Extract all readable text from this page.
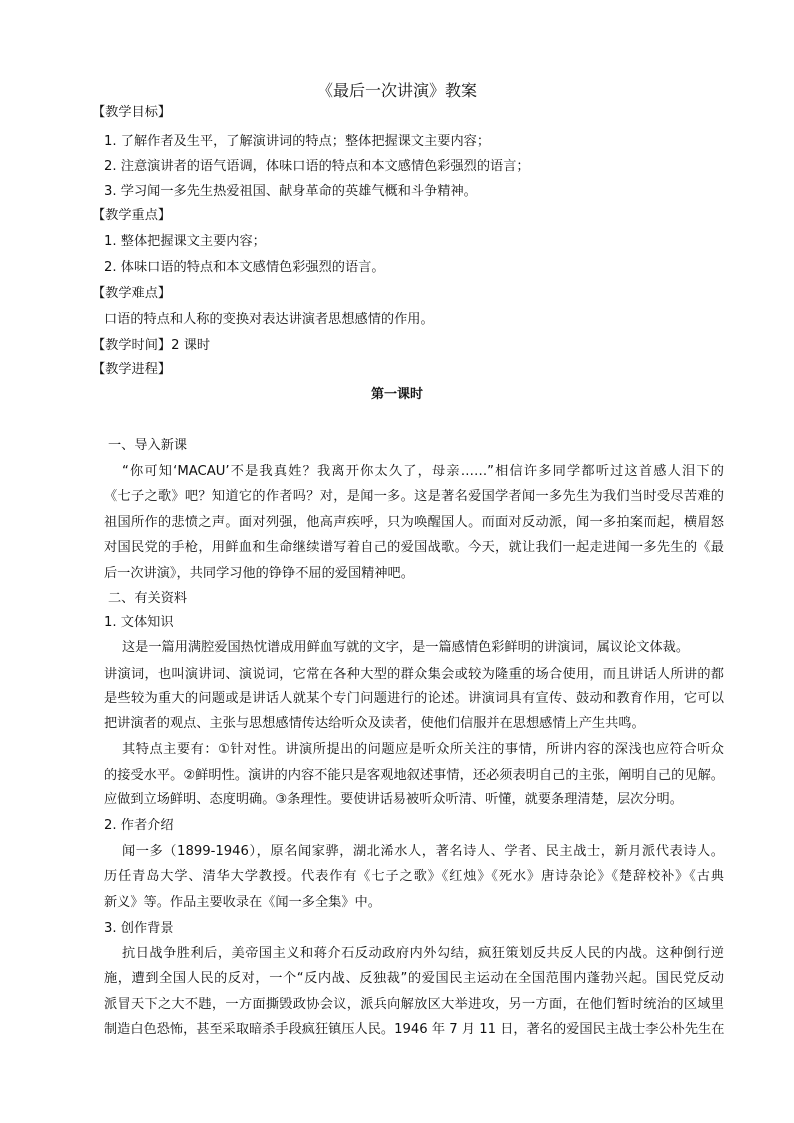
《最后一次讲演》教案
【教学目标】
1. 了解作者及生平，了解演讲词的特点；整体把握课文主要内容；
2. 注意演讲者的语气语调，体味口语的特点和本文感情色彩强烈的语言；
3. 学习闻一多先生热爱祖国、献身革命的英雄气概和斗争精神。
【教学重点】
1. 整体把握课文主要内容；
2. 体味口语的特点和本文感情色彩强烈的语言。
【教学难点】
口语的特点和人称的变换对表达讲演者思想感情的作用。
【教学时间】2 课时
【教学进程】
第一课时
一、导入新课
“你可知‘MACAU’不是我真姓？我离开你太久了，母亲……”相信许多同学都听过这首感人泪下的
《七子之歌》吧？知道它的作者吗？对，是闻一多。这是著名爱国学者闻一多先生为我们当时受尽苦难的
祖国所作的悲愤之声。面对列强，他高声疾呼，只为唤醒国人。而面对反动派，闻一多拍案而起，横眉怒
对国民党的手枪，用鲜血和生命继续谱写着自己的爱国战歌。今天，就让我们一起走进闻一多先生的《最
后一次讲演》，共同学习他的铮铮不屈的爱国精神吧。
二、有关资料
1. 文体知识
这是一篇用满腔爱国热忱谱成用鲜血写就的文字，是一篇感情色彩鲜明的讲演词，属议论文体裁。
讲演词，也叫演讲词、演说词，它常在各种大型的群众集会或较为隆重的场合使用，而且讲话人所讲的都
是些较为重大的问题或是讲话人就某个专门问题进行的论述。讲演词具有宣传、鼓动和教育作用，它可以
把讲演者的观点、主张与思想感情传达给听众及读者，使他们信服并在思想感情上产生共鸣。
其特点主要有：①针对性。讲演所提出的问题应是听众所关注的事情，所讲内容的深浅也应符合听众
的接受水平。②鲜明性。演讲的内容不能只是客观地叙述事情，还必须表明自己的主张，阐明自己的见解。
应做到立场鲜明、态度明确。③条理性。要使讲话易被听众听清、听懂，就要条理清楚，层次分明。
2. 作者介绍
闻一多（1899-1946），原名闻家骅，湖北浠水人，著名诗人、学者、民主战士，新月派代表诗人。
历任青岛大学、清华大学教授。代表作有《七子之歌》《红烛》《死水》唐诗杂论》《楚辞校补》《古典
新义》等。作品主要收录在《闻一多全集》中。
3. 创作背景
抗日战争胜利后，美帝国主义和蒋介石反动政府内外勾结，疯狂策划反共反人民的内战。这种倒行逆
施，遭到全国人民的反对，一个“反内战、反独裁”的爱国民主运动在全国范围内蓬勃兴起。国民党反动
派冒天下之大不韪，一方面撕毁政协会议，派兵向解放区大举进攻，另一方面，在他们暂时统治的区域里
制造白色恐怖，甚至采取暗杀手段疯狂镇压人民。1946 年 7 月 11 日，著名的爱国民主战士李公朴先生在
